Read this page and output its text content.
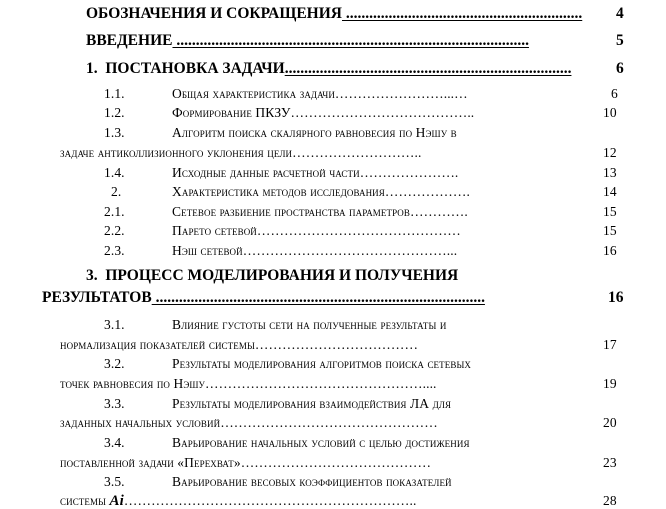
ОБОЗНАЧЕНИЯ И СОКРАЩЕНИЯ ............................................................. 4
ВВЕДЕНИЕ ...........................................................................................	5
1. ПОСТАНОВКА ЗАДАЧИ..........................................................................	6
1.1.	Общая характеристика задачи……………………...…	6
1.2.	Формирование ПКЗУ…………………………………..	10
1.3.	Алгоритм поиска скалярного равновесия по Нэшу в
задаче антиколлизионного уклонения цели………………………..	12
1.4.	Исходные данные расчетной части………………….	13
2.	Характеристика методов исследования……………….	14
2.1.	Сетевое разбиение пространства параметров………….	15
2.2.	Парето сетевой………………………………………	15
2.3.	Нэш сетевой………………………………………...	16
3. ПРОЦЕСС МОДЕЛИРОВАНИЯ И ПОЛУЧЕНИЯ
РЕЗУЛЬТАТОВ .....................................................................................	16
3.1.	Влияние густоты сети на полученные результаты и
нормализация показателей системы………………………………	17
3.2.	Результаты моделирования алгоритмов поиска сетевых
точек равновесия по Нэшу…………………………………………....	19
3.3.	Результаты моделирования взаимодействия ЛА для
заданных начальных условий…………………………………………	20
3.4.	Варьирование начальных условий с целью достижения
поставленной задачи «Перехват»……………………………………	23
3.5.	Варьирование весовых коэффициентов показателей
системы Ai………………………………………………………..	28
